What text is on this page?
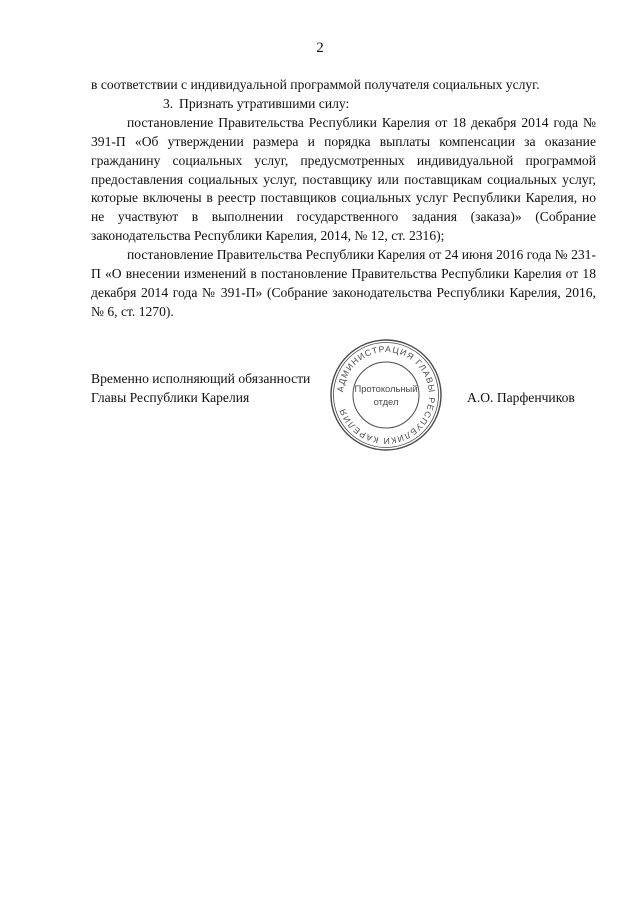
2

в соответствии с индивидуальной программой получателя социальных услуг.

3. Признать утратившими силу:

постановление Правительства Республики Карелия от 18 декабря 2014 года № 391-П «Об утверждении размера и порядка выплаты компенсации за оказание гражданину социальных услуг, предусмотренных индивидуальной программой предоставления социальных услуг, поставщику или поставщикам социальных услуг, которые включены в реестр поставщиков социальных услуг Республики Карелия, но не участвуют в выполнении государственного задания (заказа)» (Собрание законодательства Республики Карелия, 2014, № 12, ст. 2316);

постановление Правительства Республики Карелия от 24 июня 2016 года № 231-П «О внесении изменений в постановление Правительства Республики Карелия от 18 декабря 2014 года № 391-П» (Собрание законодательства Республики Карелия, 2016, № 6, ст. 1270).

Временно исполняющий обязанности
Главы Республики Карелия	А.О. Парфенчиков
АДМИНИСТРАЦИЯ ГЛАВЫ РЕСПУБЛИКИ КАРЕЛИЯ
Протокольный
отдел
